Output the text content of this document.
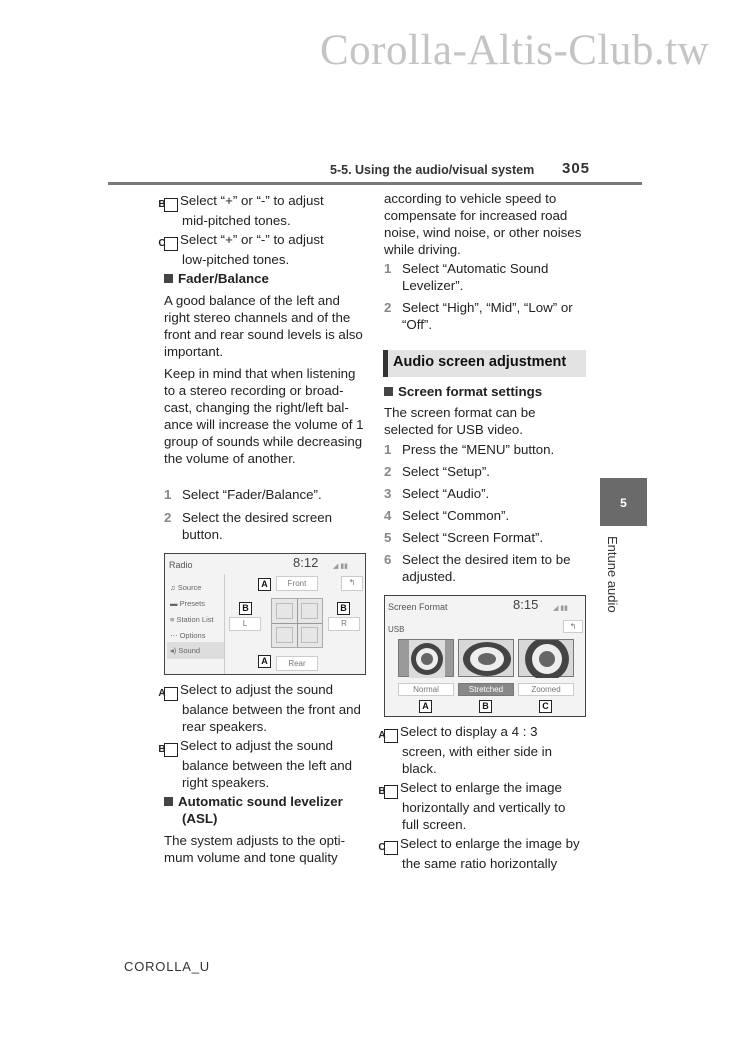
Corolla-Altis-Club.tw
5-5. Using the audio/visual system 305
B Select “+” or “-” to adjust
mid-pitched tones.
C Select “+” or “-” to adjust
low-pitched tones.
Fader/Balance
A good balance of the left and right stereo channels and of the front and rear sound levels is also important.
Keep in mind that when listening to a stereo recording or broad-cast, changing the right/left bal-ance will increase the volume of 1 group of sounds while decreasing the volume of another.
1 Select “Fader/Balance”.
2 Select the desired screen button.
Radio	8:12 ◢ ▮▮
♫ Source
▬ Presets
≡ Station List
⋯ Options
◂) Sound
A	Front	↰
B	B
L	R
A	Rear
A Select to adjust the sound balance between the front and rear speakers.
B Select to adjust the sound balance between the left and right speakers.
Automatic sound levelizer (ASL)
The system adjusts to the opti-mum volume and tone quality
according to vehicle speed to compensate for increased road noise, wind noise, or other noises while driving.
1 Select “Automatic Sound Levelizer”.
2 Select “High”, “Mid”, “Low” or “Off”.
Audio screen adjustment
Screen format settings
The screen format can be selected for USB video.
1 Press the “MENU” button.
2 Select “Setup”.
3 Select “Audio”.
4 Select “Common”.
5 Select “Screen Format”.
6 Select the desired item to be adjusted.
Screen Format	8:15 ◢ ▮▮
USB	↰
Normal	Stretched	Zoomed
A	B	C
A Select to display a 4 : 3 screen, with either side in black.
B Select to enlarge the image horizontally and vertically to full screen.
C Select to enlarge the image by the same ratio horizontally
5
Entune audio
COROLLA_U
